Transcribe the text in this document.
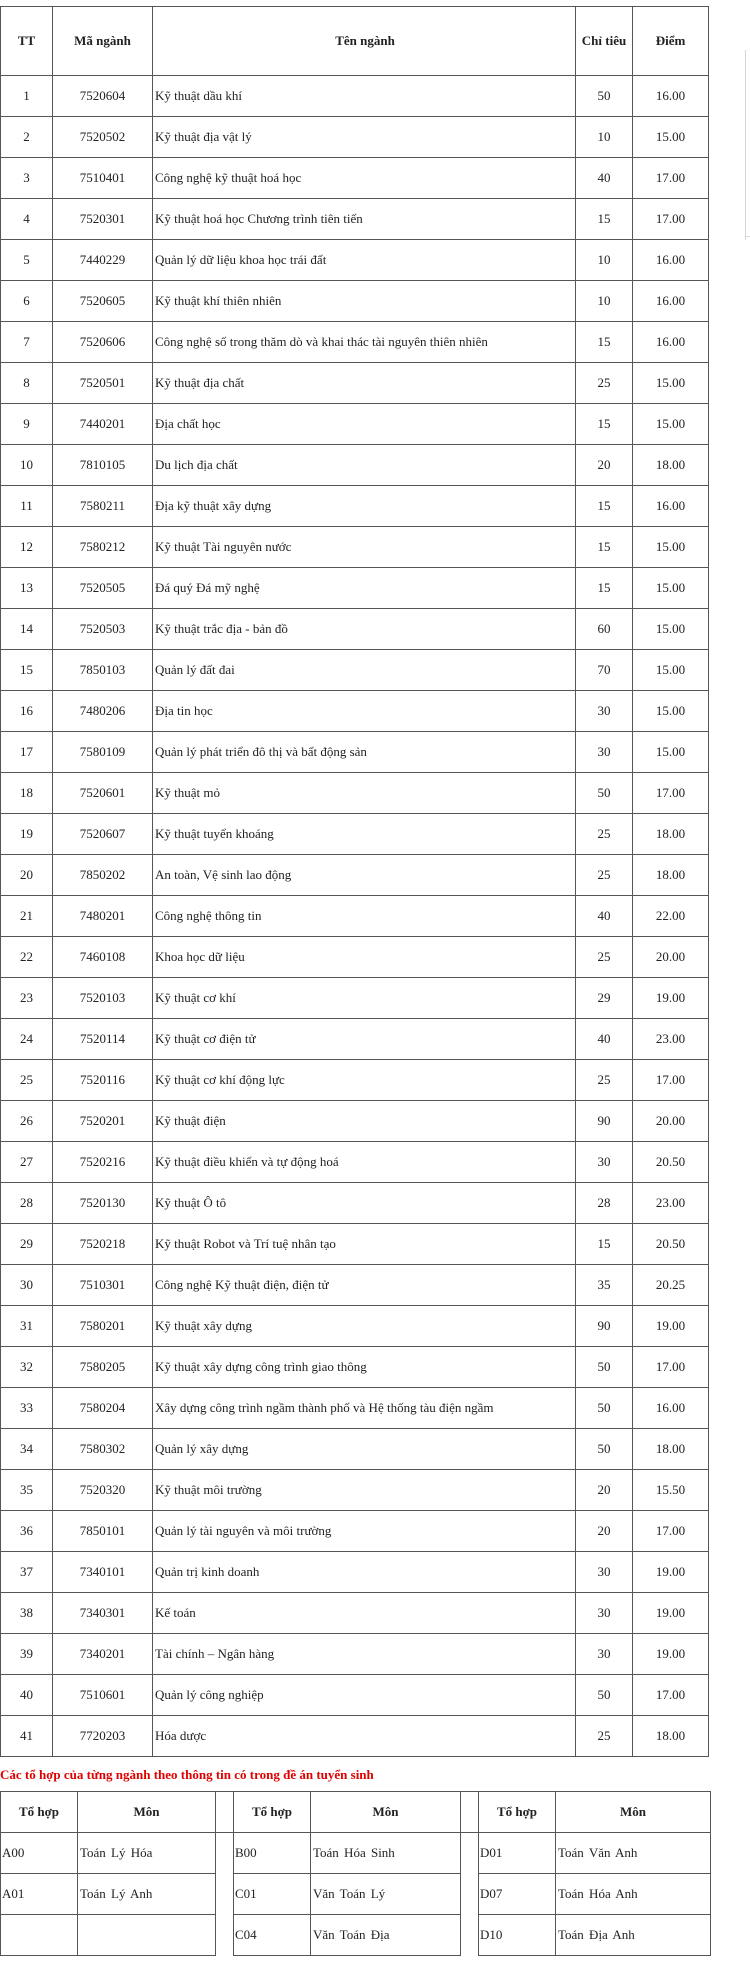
TT	Mã ngành	Tên ngành	Chỉ tiêu	Điểm	
1	7520604	Kỹ thuật dầu khí	50	16.00	
2	7520502	Kỹ thuật địa vật lý	10	15.00	
3	7510401	Công nghệ kỹ thuật hoá học	40	17.00	
4	7520301	Kỹ thuật hoá học Chương trình tiên tiến	15	17.00	
5	7440229	Quản lý dữ liệu khoa học trái đất	10	16.00	
6	7520605	Kỹ thuật khí thiên nhiên	10	16.00	
7	7520606	Công nghệ số trong thăm dò và khai thác tài nguyên thiên nhiên	15	16.00	
8	7520501	Kỹ thuật địa chất	25	15.00	
9	7440201	Địa chất học	15	15.00	
10	7810105	Du lịch địa chất	20	18.00	
11	7580211	Địa kỹ thuật xây dựng	15	16.00	
12	7580212	Kỹ thuật Tài nguyên nước	15	15.00	
13	7520505	Đá quý Đá mỹ nghệ	15	15.00	
14	7520503	Kỹ thuật trắc địa - bản đồ	60	15.00	
15	7850103	Quản lý đất đai	70	15.00	
16	7480206	Địa tin học	30	15.00	
17	7580109	Quản lý phát triển đô thị và bất động sản	30	15.00	
18	7520601	Kỹ thuật mỏ	50	17.00	
19	7520607	Kỹ thuật tuyển khoáng	25	18.00	
20	7850202	An toàn, Vệ sinh lao động	25	18.00	
21	7480201	Công nghệ thông tin	40	22.00	
22	7460108	Khoa học dữ liệu	25	20.00	
23	7520103	Kỹ thuật cơ khí	29	19.00	
24	7520114	Kỹ thuật cơ điện tử	40	23.00	
25	7520116	Kỹ thuật cơ khí động lực	25	17.00	
26	7520201	Kỹ thuật điện	90	20.00	
27	7520216	Kỹ thuật điều khiển và tự động hoá	30	20.50	
28	7520130	Kỹ thuật Ô tô	28	23.00	
29	7520218	Kỹ thuật Robot và Trí tuệ nhân tạo	15	20.50	
30	7510301	Công nghệ Kỹ thuật điện, điện tử	35	20.25	
31	7580201	Kỹ thuật xây dựng	90	19.00	
32	7580205	Kỹ thuật xây dựng công trình giao thông	50	17.00	
33	7580204	Xây dựng công trình ngầm thành phố và Hệ thống tàu điện ngầm	50	16.00	
34	7580302	Quản lý xây dựng	50	18.00	
35	7520320	Kỹ thuật môi trường	20	15.50	
36	7850101	Quản lý tài nguyên và môi trường	20	17.00	
37	7340101	Quản trị kinh doanh	30	19.00	
38	7340301	Kế toán	30	19.00	
39	7340201	Tài chính – Ngân hàng	30	19.00	
40	7510601	Quản lý công nghiệp	50	17.00	
41	7720203	Hóa dược	25	18.00	
Các tổ hợp của từng ngành theo thông tin có trong đề án tuyển sinh
Tổ hợp	Môn		Tổ hợp	Môn		Tổ hợp	Môn
A00	Toán Lý Hóa		B00	Toán Hóa Sinh		D01	Toán Văn Anh
A01	Toán Lý Anh		C01	Văn Toán Lý		D07	Toán Hóa Anh
			C04	Văn Toán Địa		D10	Toán Địa Anh
